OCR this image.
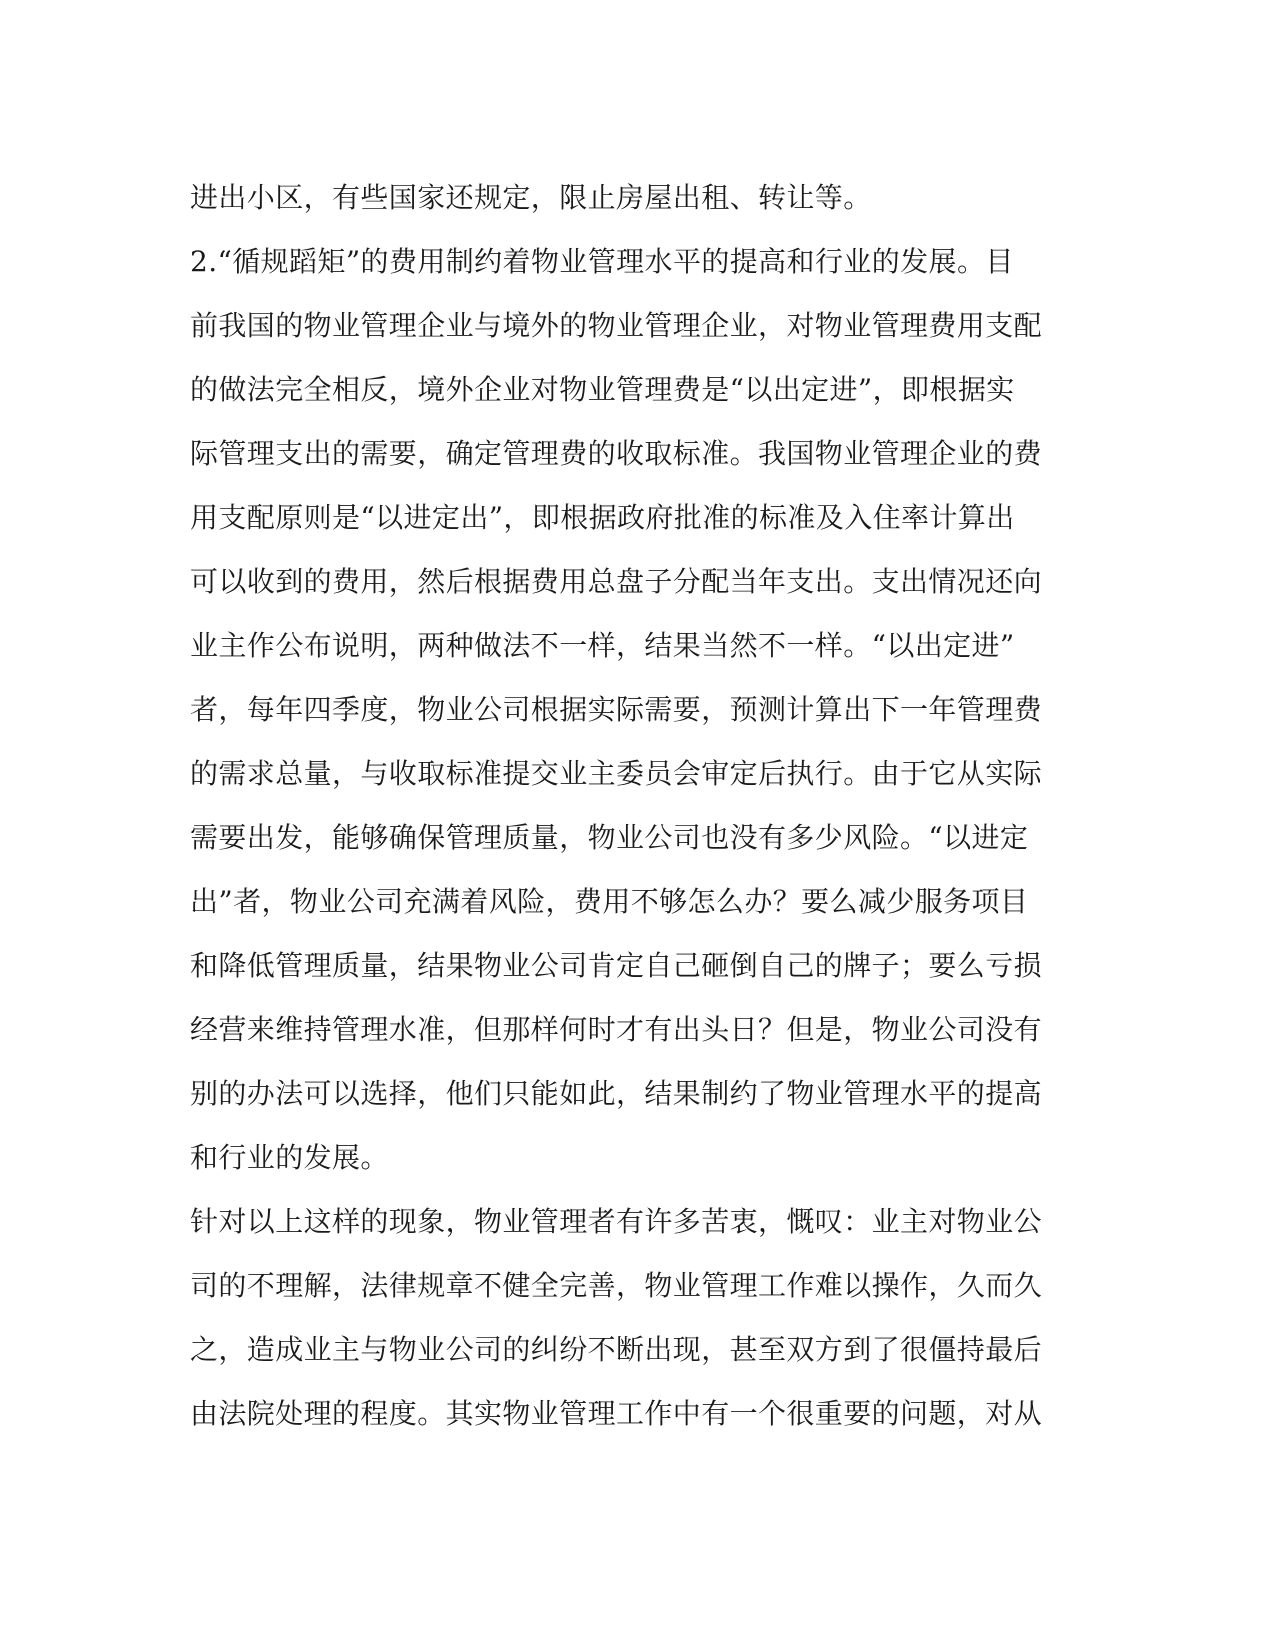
进出小区，有些国家还规定，限止房屋出租、转让等。
2.“循规蹈矩”的费用制约着物业管理水平的提高和行业的发展。目
前我国的物业管理企业与境外的物业管理企业，对物业管理费用支配
的做法完全相反，境外企业对物业管理费是“以出定进”，即根据实
际管理支出的需要，确定管理费的收取标准。我国物业管理企业的费
用支配原则是“以进定出”，即根据政府批准的标准及入住率计算出
可以收到的费用，然后根据费用总盘子分配当年支出。支出情况还向
业主作公布说明，两种做法不一样，结果当然不一样。“以出定进”
者，每年四季度，物业公司根据实际需要，预测计算出下一年管理费
的需求总量，与收取标准提交业主委员会审定后执行。由于它从实际
需要出发，能够确保管理质量，物业公司也没有多少风险。“以进定
出”者，物业公司充满着风险，费用不够怎么办？要么减少服务项目
和降低管理质量，结果物业公司肯定自己砸倒自己的牌子；要么亏损
经营来维持管理水准，但那样何时才有出头日？但是，物业公司没有
别的办法可以选择，他们只能如此，结果制约了物业管理水平的提高
和行业的发展。
针对以上这样的现象，物业管理者有许多苦衷，慨叹：业主对物业公
司的不理解，法律规章不健全完善，物业管理工作难以操作，久而久
之，造成业主与物业公司的纠纷不断出现，甚至双方到了很僵持最后
由法院处理的程度。其实物业管理工作中有一个很重要的问题，对从
